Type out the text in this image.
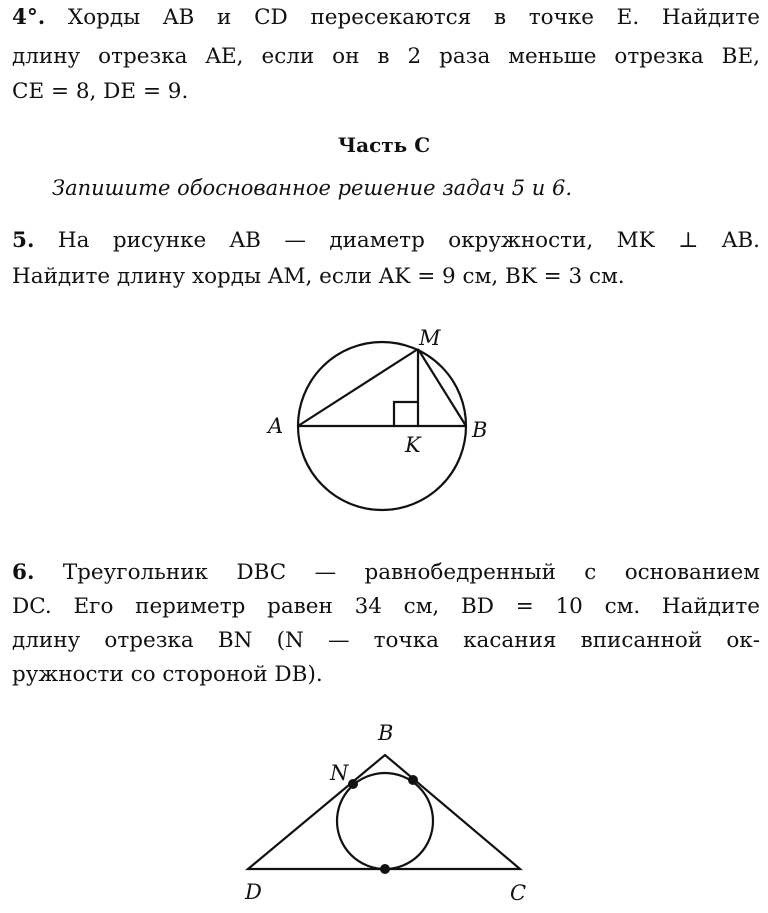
4°. Хорды AB и CD пересекаются в точке E. Найдите
длину отрезка AE, если он в 2 раза меньше отрезка BE,
CE = 8, DE = 9.
Часть C
Запишите обоснованное решение задач 5 и 6.
5. На рисунке AB — диаметр окружности, MK ⊥ AB.
Найдите длину хорды AM, если AK = 9 см, BK = 3 см.
M
A	B
K
B
N
D	C
6. Треугольник DBC — равнобедренный с основанием
DC. Его периметр равен 34 см, BD = 10 см. Найдите
длину отрезка BN (N — точка касания вписанной ок-
ружности со стороной DB).
